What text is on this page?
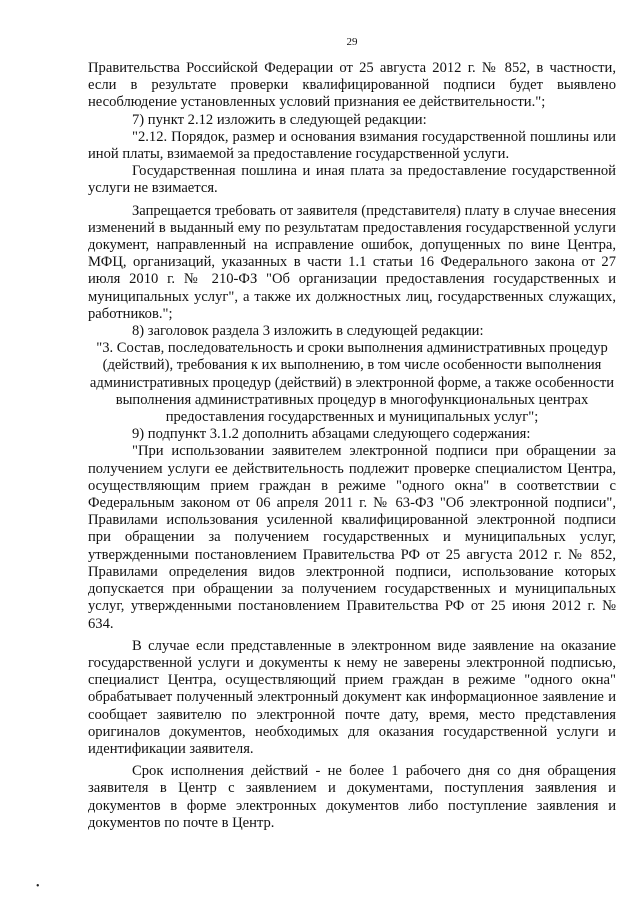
29

Правительства Российской Федерации от 25 августа 2012 г. № 852, в частности, если в результате проверки квалифицированной подписи будет выявлено несоблюдение установленных условий признания ее действительности.";

7) пункт 2.12 изложить в следующей редакции:

"2.12. Порядок, размер и основания взимания государственной пошлины или иной платы, взимаемой за предоставление государственной услуги.

Государственная пошлина и иная плата за предоставление государственной услуги не взимается.

Запрещается требовать от заявителя (представителя) плату в случае внесения изменений в выданный ему по результатам предоставления государственной услуги документ, направленный на исправление ошибок, допущенных по вине Центра, МФЦ, организаций, указанных в части 1.1 статьи 16 Федерального закона от 27 июля 2010 г. № 210-ФЗ "Об организации предоставления государственных и муниципальных услуг", а также их должностных лиц, государственных служащих, работников.";

8) заголовок раздела 3 изложить в следующей редакции:

"3. Состав, последовательность и сроки выполнения административных процедур (действий), требования к их выполнению, в том числе особенности выполнения административных процедур (действий) в электронной форме, а также особенности выполнения административных процедур в многофункциональных центрах предоставления государственных и муниципальных услуг";

9) подпункт 3.1.2 дополнить абзацами следующего содержания:

"При использовании заявителем электронной подписи при обращении за получением услуги ее действительность подлежит проверке специалистом Центра, осуществляющим прием граждан в режиме "одного окна" в соответствии с Федеральным законом от 06 апреля 2011 г. № 63-ФЗ "Об электронной подписи", Правилами использования усиленной квалифицированной электронной подписи при обращении за получением государственных и муниципальных услуг, утвержденными постановлением Правительства РФ от 25 августа 2012 г. № 852, Правилами определения видов электронной подписи, использование которых допускается при обращении за получением государственных и муниципальных услуг, утвержденными постановлением Правительства РФ от 25 июня 2012 г. № 634.

В случае если представленные в электронном виде заявление на оказание государственной услуги и документы к нему не заверены электронной подписью, специалист Центра, осуществляющий прием граждан в режиме "одного окна" обрабатывает полученный электронный документ как информационное заявление и сообщает заявителю по электронной почте дату, время, место представления оригиналов документов, необходимых для оказания государственной услуги и идентификации заявителя.

Срок исполнения действий - не более 1 рабочего дня со дня обращения заявителя в Центр с заявлением и документами, поступления заявления и документов в форме электронных документов либо поступление заявления и документов по почте в Центр.

•
